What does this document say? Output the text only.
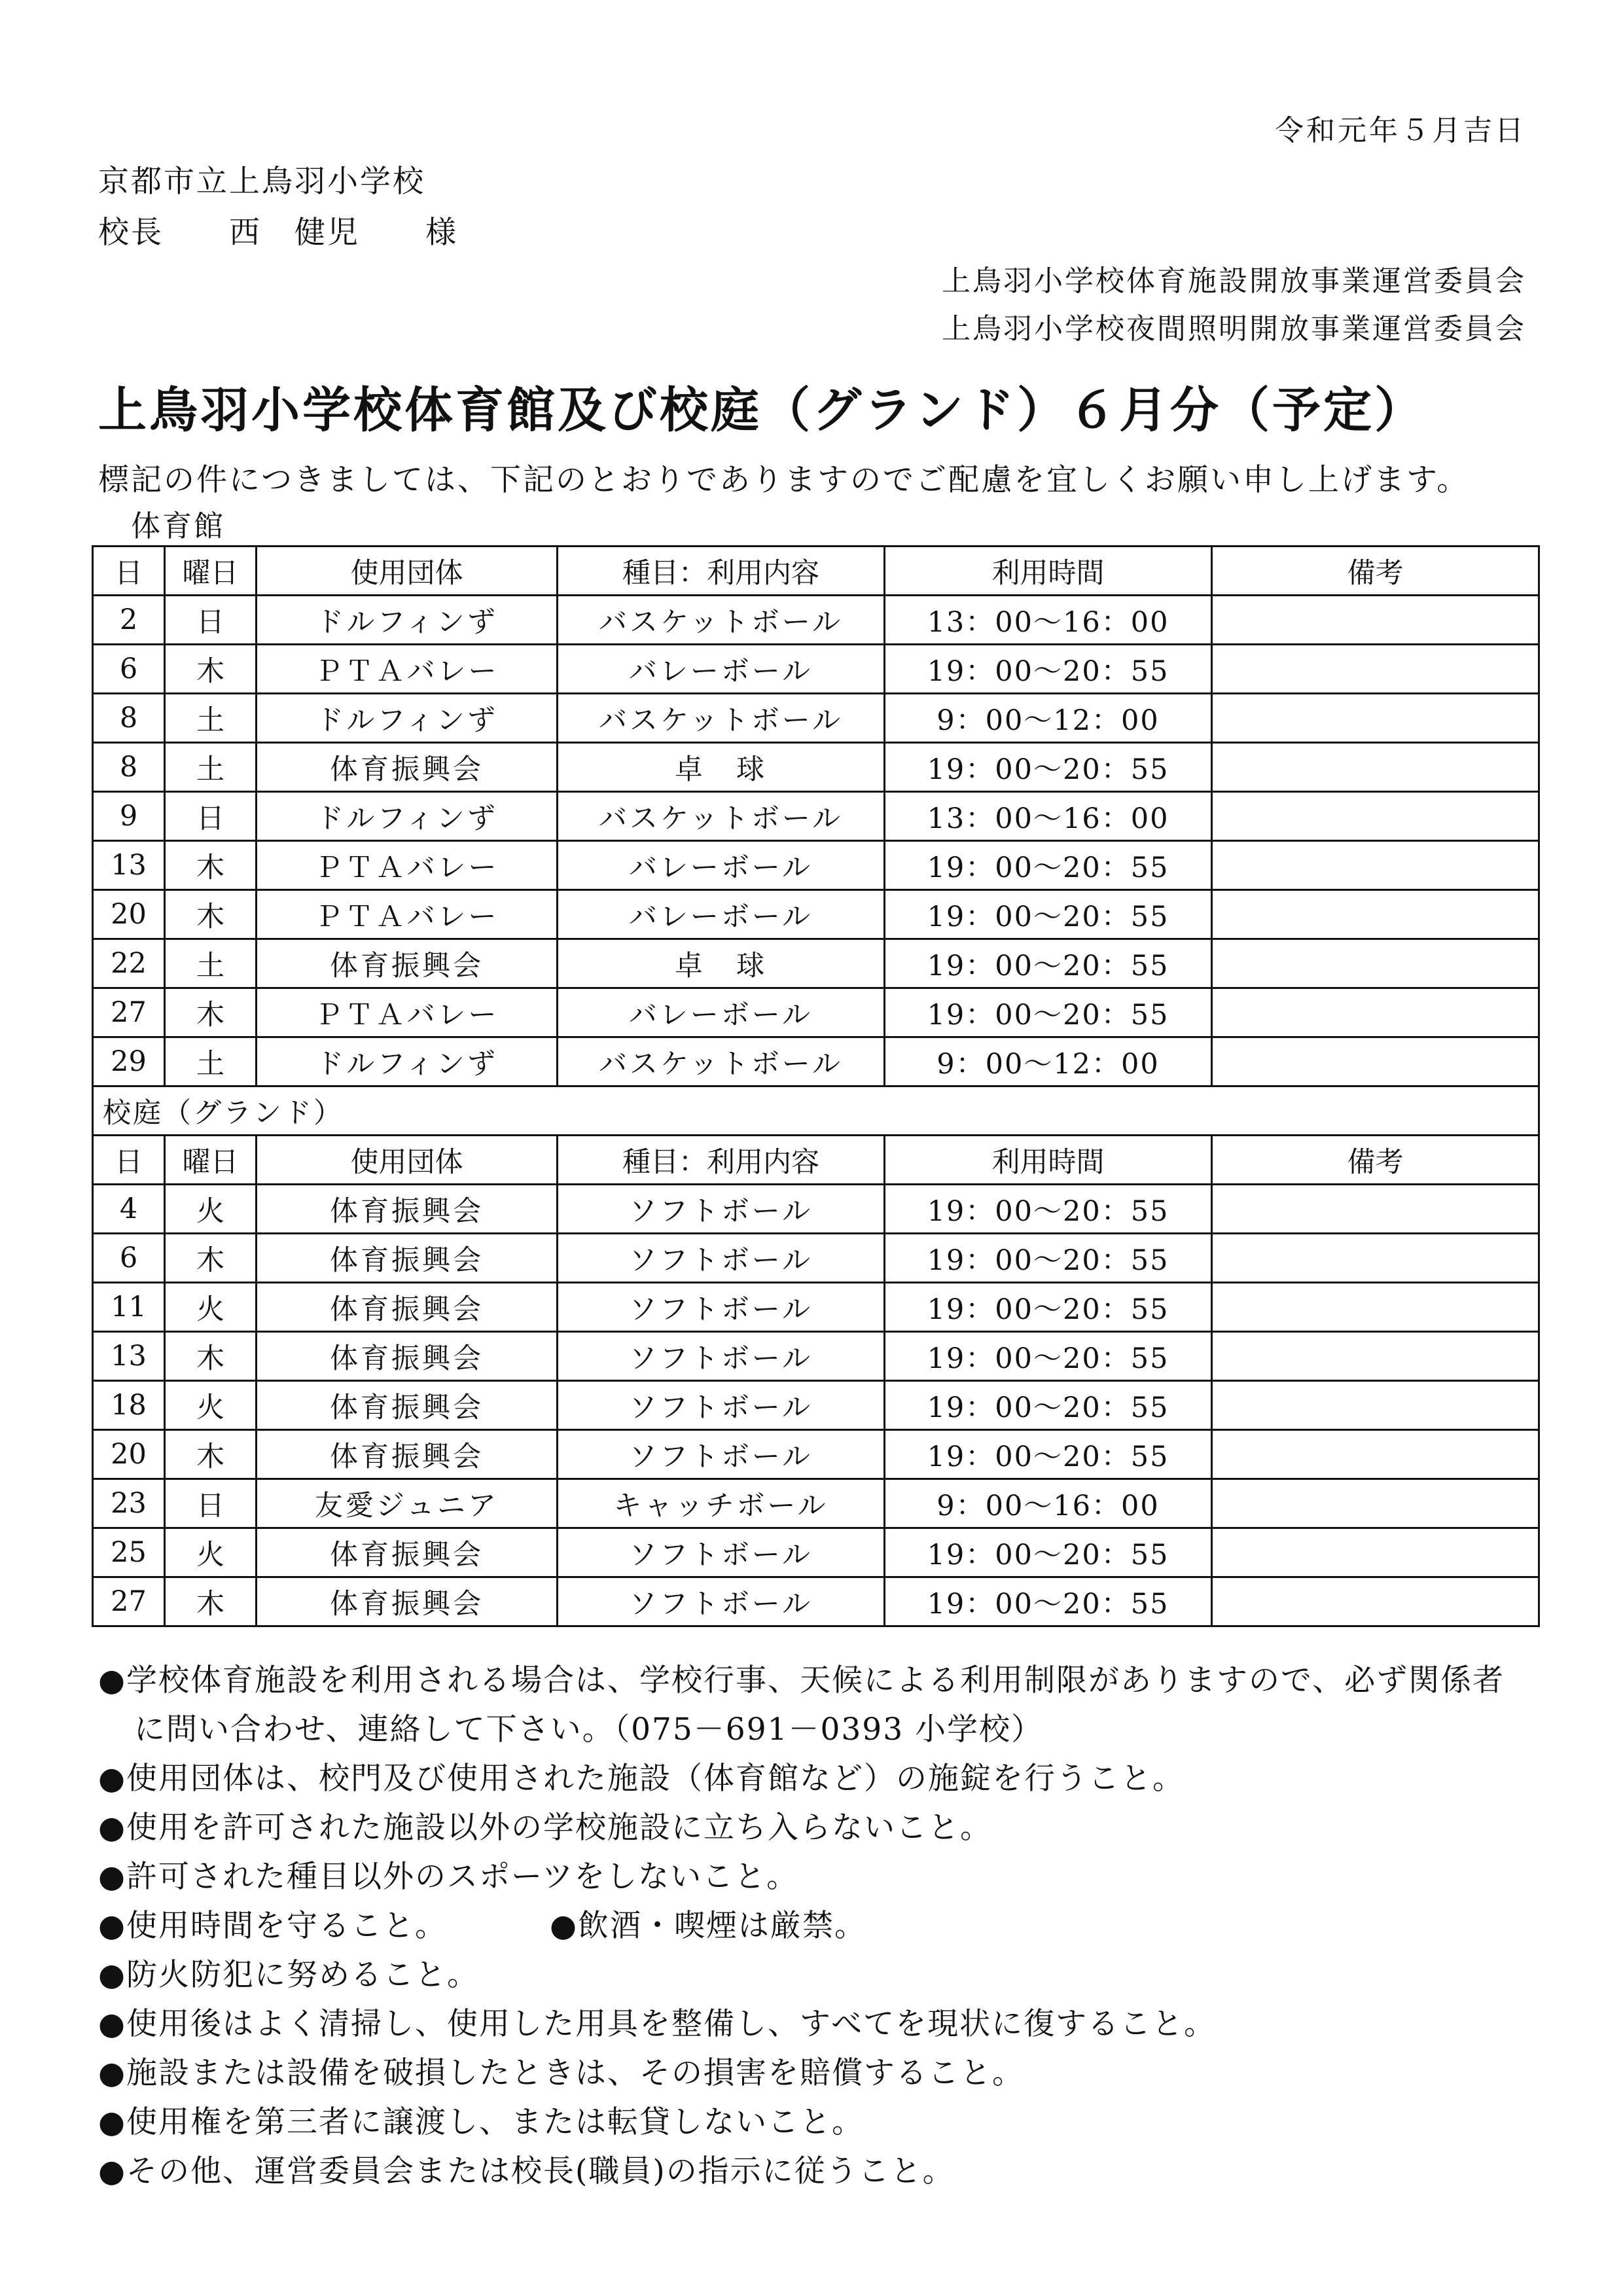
令和元年５月吉日
京都市立上鳥羽小学校
校長　　 西　健児　　 様
上鳥羽小学校体育施設開放事業運営委員会
上鳥羽小学校夜間照明開放事業運営委員会
上鳥羽小学校体育館及び校庭（グランド）６月分（予定）
標記の件につきましては、下記のとおりでありますのでご配慮を宜しくお願い申し上げます。
体育館
日	曜日	使用団体	種目：利用内容	利用時間	備考
2	日	ドルフィンず	バスケットボール	13：00〜16：00	
6	木	ＰＴＡバレー	バレーボール	19：00〜20：55	
8	土	ドルフィンず	バスケットボール	9：00〜12：00	
8	土	体育振興会	卓　球	19：00〜20：55	
9	日	ドルフィンず	バスケットボール	13：00〜16：00	
13	木	ＰＴＡバレー	バレーボール	19：00〜20：55	
20	木	ＰＴＡバレー	バレーボール	19：00〜20：55	
22	土	体育振興会	卓　球	19：00〜20：55	
27	木	ＰＴＡバレー	バレーボール	19：00〜20：55	
29	土	ドルフィンず	バスケットボール	9：00〜12：00	
校庭（グランド）					
日	曜日	使用団体	種目：利用内容	利用時間	備考
4	火	体育振興会	ソフトボール	19：00〜20：55	
6	木	体育振興会	ソフトボール	19：00〜20：55	
11	火	体育振興会	ソフトボール	19：00〜20：55	
13	木	体育振興会	ソフトボール	19：00〜20：55	
18	火	体育振興会	ソフトボール	19：00〜20：55	
20	木	体育振興会	ソフトボール	19：00〜20：55	
23	日	友愛ジュニア	キャッチボール	9：00〜16：00	
25	火	体育振興会	ソフトボール	19：00〜20：55	
27	木	体育振興会	ソフトボール	19：00〜20：55	
●学校体育施設を利用される場合は、学校行事、天候による利用制限がありますので、必ず関係者
に問い合わせ、連絡して下さい。（075－691－0393 小学校）
●使用団体は、校門及び使用された施設（体育館など）の施錠を行うこと。
●使用を許可された施設以外の学校施設に立ち入らないこと。
●許可された種目以外のスポーツをしないこと。
●使用時間を守ること。	●飲酒・喫煙は厳禁。
●防火防犯に努めること。
●使用後はよく清掃し、使用した用具を整備し、すべてを現状に復すること。
●施設または設備を破損したときは、その損害を賠償すること。
●使用権を第三者に譲渡し、または転貸しないこと。
●その他、運営委員会または校長(職員)の指示に従うこと。
